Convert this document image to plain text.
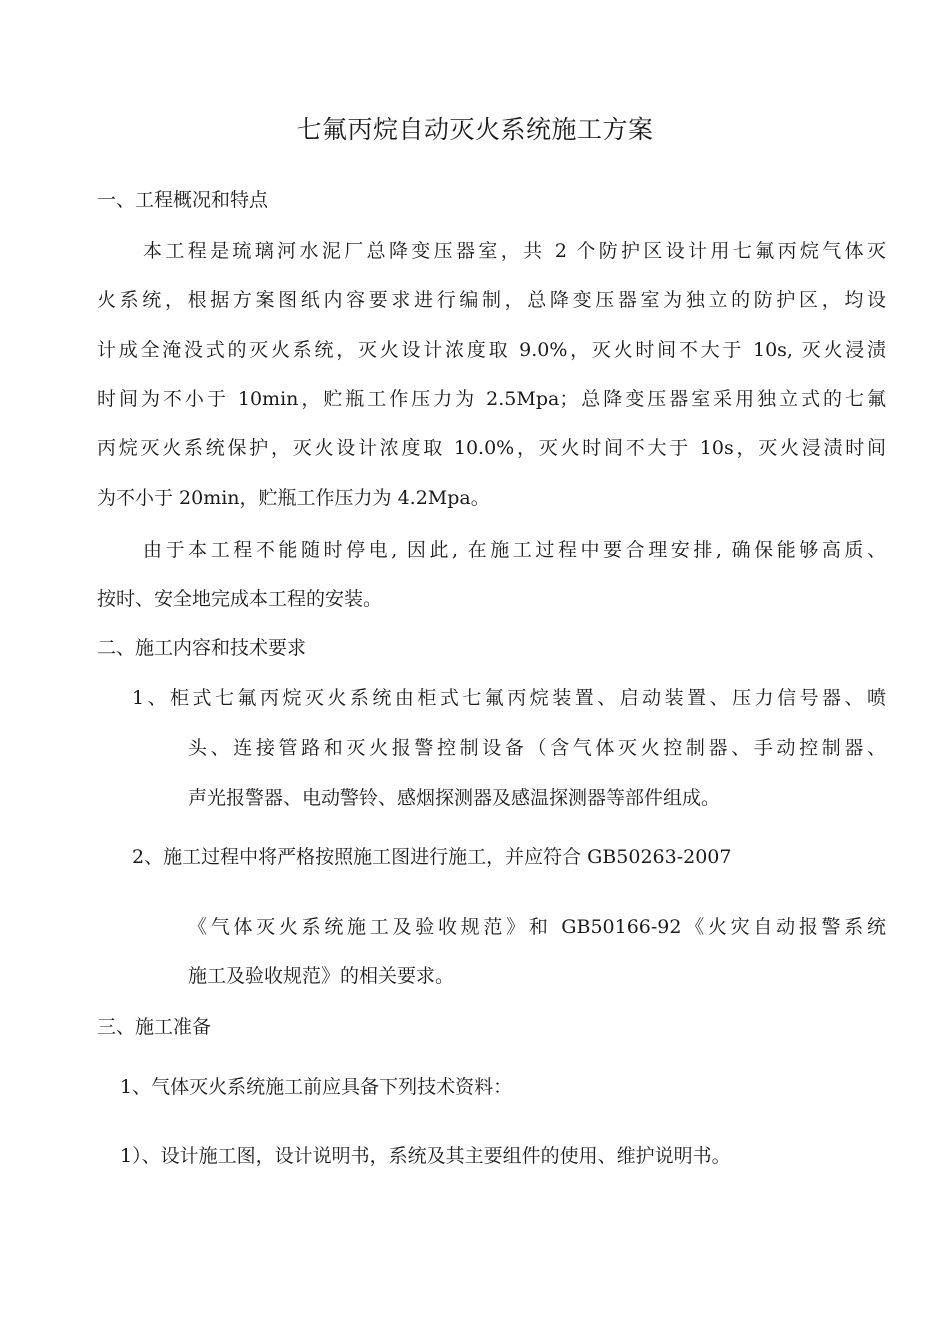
七氟丙烷自动灭火系统施工方案
一、工程概况和特点
本工程是琉璃河水泥厂总降变压器室，共 2 个防护区设计用七氟丙烷气体灭
火系统，根据方案图纸内容要求进行编制，总降变压器室为独立的防护区，均设
计成全淹没式的灭火系统，灭火设计浓度取 9.0%，灭火时间不大于 10s, 灭火浸渍
时间为不小于 10min，贮瓶工作压力为 2.5Mpa；总降变压器室采用独立式的七氟
丙烷灭火系统保护，灭火设计浓度取 10.0%，灭火时间不大于 10s，灭火浸渍时间
为不小于 20min，贮瓶工作压力为 4.2Mpa。
由于本工程不能随时停电, 因此, 在施工过程中要合理安排, 确保能够高质、
按时、安全地完成本工程的安装。
二、施工内容和技术要求
1、柜式七氟丙烷灭火系统由柜式七氟丙烷装置、启动装置、压力信号器、喷
头、连接管路和灭火报警控制设备（含气体灭火控制器、手动控制器、
声光报警器、电动警铃、感烟探测器及感温探测器等部件组成。
2、施工过程中将严格按照施工图进行施工，并应符合 GB50263-2007
《气体灭火系统施工及验收规范》和 GB50166-92《火灾自动报警系统
施工及验收规范》的相关要求。
三、施工准备
1、气体灭火系统施工前应具备下列技术资料：
1）、设计施工图，设计说明书，系统及其主要组件的使用、维护说明书。
